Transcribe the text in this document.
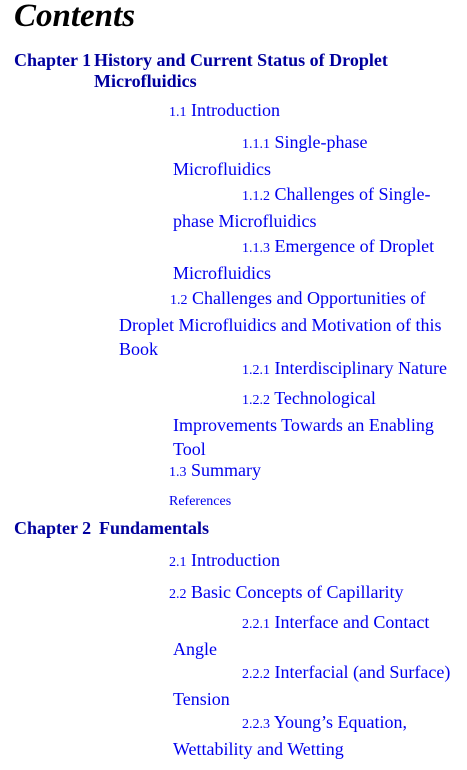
Contents
Chapter 1 History and Current Status of Droplet
Microfluidics
1.1 Introduction
1.1.1 Single-phase
Microfluidics
1.1.2 Challenges of Single-
phase Microfluidics
1.1.3 Emergence of Droplet
Microfluidics
1.2 Challenges and Opportunities of
Droplet Microfluidics and Motivation of this
Book
1.2.1 Interdisciplinary Nature
1.2.2 Technological
Improvements Towards an Enabling
Tool
1.3 Summary
References
Chapter 2 Fundamentals
2.1 Introduction
2.2 Basic Concepts of Capillarity
2.2.1 Interface and Contact
Angle
2.2.2 Interfacial (and Surface)
Tension
2.2.3 Young’s Equation,
Wettability and Wetting
